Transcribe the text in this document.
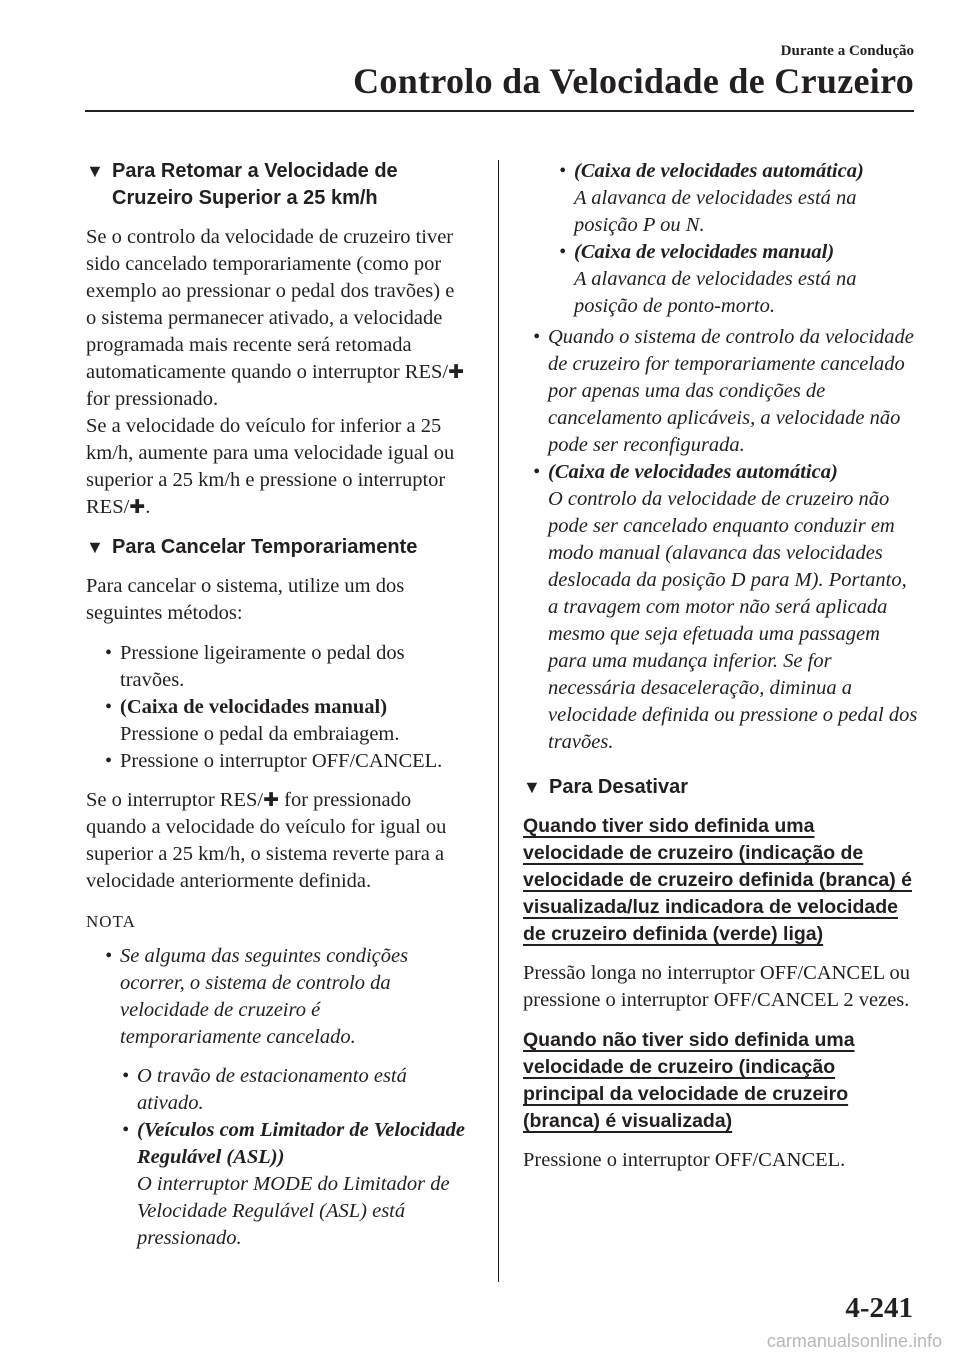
Durante a Condução
Controlo da Velocidade de Cruzeiro
▼ Para Retomar a Velocidade de Cruzeiro Superior a 25 km/h

Se o controlo da velocidade de cruzeiro tiver sido cancelado temporariamente (como por exemplo ao pressionar o pedal dos travões) e o sistema permanecer ativado, a velocidade programada mais recente será retomada automaticamente quando o interruptor RES/✚ for pressionado.
Se a velocidade do veículo for inferior a 25 km/h, aumente para uma velocidade igual ou superior a 25 km/h e pressione o interruptor RES/✚.

▼ Para Cancelar Temporariamente

Para cancelar o sistema, utilize um dos seguintes métodos:

• Pressione ligeiramente o pedal dos travões.
• (Caixa de velocidades manual)
Pressione o pedal da embraiagem.
• Pressione o interruptor OFF/CANCEL.

Se o interruptor RES/✚ for pressionado quando a velocidade do veículo for igual ou superior a 25 km/h, o sistema reverte para a velocidade anteriormente definida.

NOTA
• Se alguma das seguintes condições ocorrer, o sistema de controlo da velocidade de cruzeiro é temporariamente cancelado.
• O travão de estacionamento está ativado.
• (Veículos com Limitador de Velocidade Regulável (ASL))
O interruptor MODE do Limitador de Velocidade Regulável (ASL) está pressionado.
• (Caixa de velocidades automática)
A alavanca de velocidades está na posição P ou N.
• (Caixa de velocidades manual)
A alavanca de velocidades está na posição de ponto-morto.
• Quando o sistema de controlo da velocidade de cruzeiro for temporariamente cancelado por apenas uma das condições de cancelamento aplicáveis, a velocidade não pode ser reconfigurada.
• (Caixa de velocidades automática)
O controlo da velocidade de cruzeiro não pode ser cancelado enquanto conduzir em modo manual (alavanca das velocidades deslocada da posição D para M). Portanto, a travagem com motor não será aplicada mesmo que seja efetuada uma passagem para uma mudança inferior. Se for necessária desaceleração, diminua a velocidade definida ou pressione o pedal dos travões.
▼ Para Desativar
Quando tiver sido definida uma velocidade de cruzeiro (indicação de velocidade de cruzeiro definida (branca) é visualizada/luz indicadora de velocidade de cruzeiro definida (verde) liga)

Pressão longa no interruptor OFF/CANCEL ou pressione o interruptor OFF/CANCEL 2 vezes.

Quando não tiver sido definida uma velocidade de cruzeiro (indicação principal da velocidade de cruzeiro (branca) é visualizada)

Pressione o interruptor OFF/CANCEL.

4-241
carmanualsonline.info
